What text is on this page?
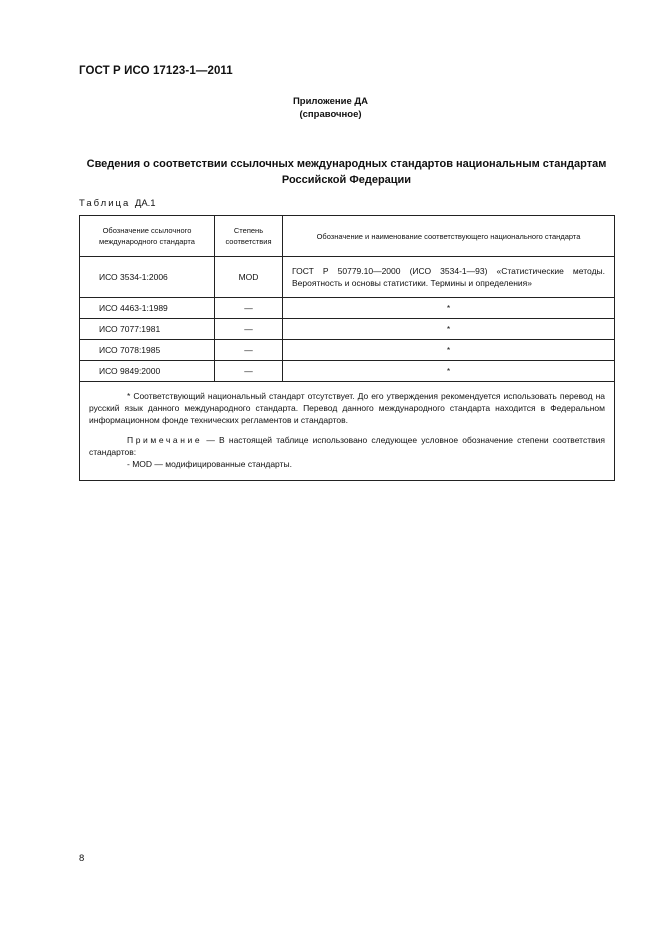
ГОСТ Р ИСО 17123-1—2011
Приложение ДА
(справочное)
Сведения о соответствии ссылочных международных стандартов национальным стандартам
Российской Федерации
Таблица ДА.1
Обозначение ссылочного международного стандарта	Степень соответствия	Обозначение и наименование соответствующего национального стандарта
ИСО 3534-1:2006	MOD	ГОСТ Р 50779.10—2000 (ИСО 3534-1—93) «Статистические методы. Вероятность и основы статистики. Термины и определения»
ИСО 4463-1:1989	—	*
ИСО 7077:1981	—	*
ИСО 7078:1985	—	*
ИСО 9849:2000	—	*

* Соответствующий национальный стандарт отсутствует. До его утверждения рекомендуется использовать перевод на русский язык данного международного стандарта. Перевод данного международного стандарта находится в Федеральном информационном фонде технических регламентов и стандартов.
Примечание — В настоящей таблице использовано следующее условное обозначение степени соответствия стандартов:
- MOD — модифицированные стандарты.		
8
